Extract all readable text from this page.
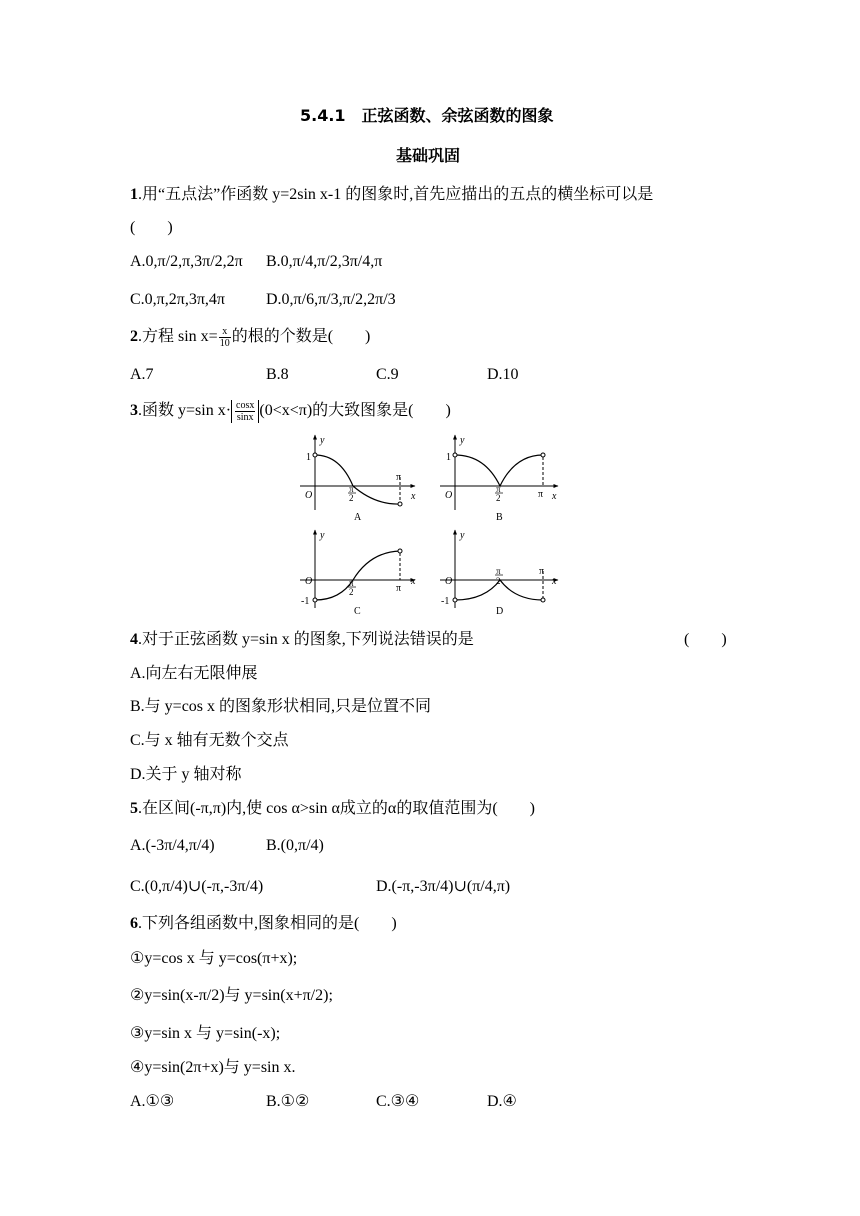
5.4.1　正弦函数、余弦函数的图象
基础巩固
1.用“五点法”作函数 y=2sin x-1 的图象时,首先应描出的五点的横坐标可以是
(　　)
A.0,π/2,π,3π/2,2π B.0,π/4,π/2,3π/4,π
C.0,π,2π,3π,4π	D.0,π/6,π/3,π/2,2π/3
2.方程 $\sin x= \frac{x}{10}$ 的根的个数是(　　)
A.7	B.8	C.9	D.10
3.函数 y=sin $x\cdot \frac{\cos x}{\sin x} (0<x<\pi)$的大致图象是(　　)
y
x
O
1
π
π
2
A
y
x
O
1
π
π
2
B
y
x
O
-1
π
π
2
C
y
x
O
-1
π
π
2
D
4.对于正弦函数 y=sin x 的图象,下列说法错误的是	(　　)
A.向左右无限伸展
B.与 y=cos x 的图象形状相同,只是位置不同
C.与 x 轴有无数个交点
D.关于 y 轴对称
5.在区间(-π,π)内,使 cos α>sin α成立的α的取值范围为(　　)
A.(-3π/4,π/4)	B.(0,π/4)
C.(0,π/4)∪(-π,-3π/4)	D.(-π,-3π/4)∪(π/4,π)
6.下列各组函数中,图象相同的是(　　)
①y=cos x 与 y=cos(π+x);
②y=sin(x-π/2)与 y=sin(x+π/2);
③y=sin x 与 y=sin(-x);
④y=sin(2π+x)与 y=sin x.
A.①③	B.①②	C.③④	D.④
